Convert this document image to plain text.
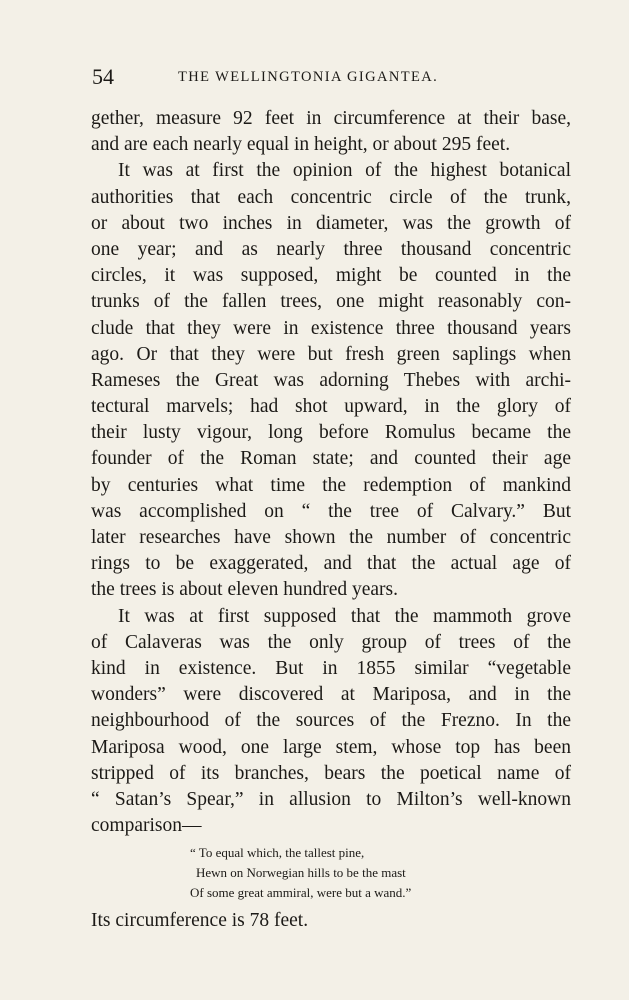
54	THE WELLINGTONIA GIGANTEA.
gether, measure 92 feet in circumference at their base,
and are each nearly equal in height, or about 295 feet.
It was at first the opinion of the highest botanical
authorities that each concentric circle of the trunk,
or about two inches in diameter, was the growth of
one year; and as nearly three thousand concentric
circles, it was supposed, might be counted in the
trunks of the fallen trees, one might reasonably con-
clude that they were in existence three thousand years
ago. Or that they were but fresh green saplings when
Rameses the Great was adorning Thebes with archi-
tectural marvels; had shot upward, in the glory of
their lusty vigour, long before Romulus became the
founder of the Roman state; and counted their age
by centuries what time the redemption of mankind
was accomplished on “ the tree of Calvary.” But
later researches have shown the number of concentric
rings to be exaggerated, and that the actual age of
the trees is about eleven hundred years.
It was at first supposed that the mammoth grove
of Calaveras was the only group of trees of the
kind in existence. But in 1855 similar “vegetable
wonders” were discovered at Mariposa, and in the
neighbourhood of the sources of the Frezno. In the
Mariposa wood, one large stem, whose top has been
stripped of its branches, bears the poetical name of
“ Satan’s Spear,” in allusion to Milton’s well-known
comparison—
“ To equal which, the tallest pine,
Hewn on Norwegian hills to be the mast
Of some great ammiral, were but a wand.”
Its circumference is 78 feet.
